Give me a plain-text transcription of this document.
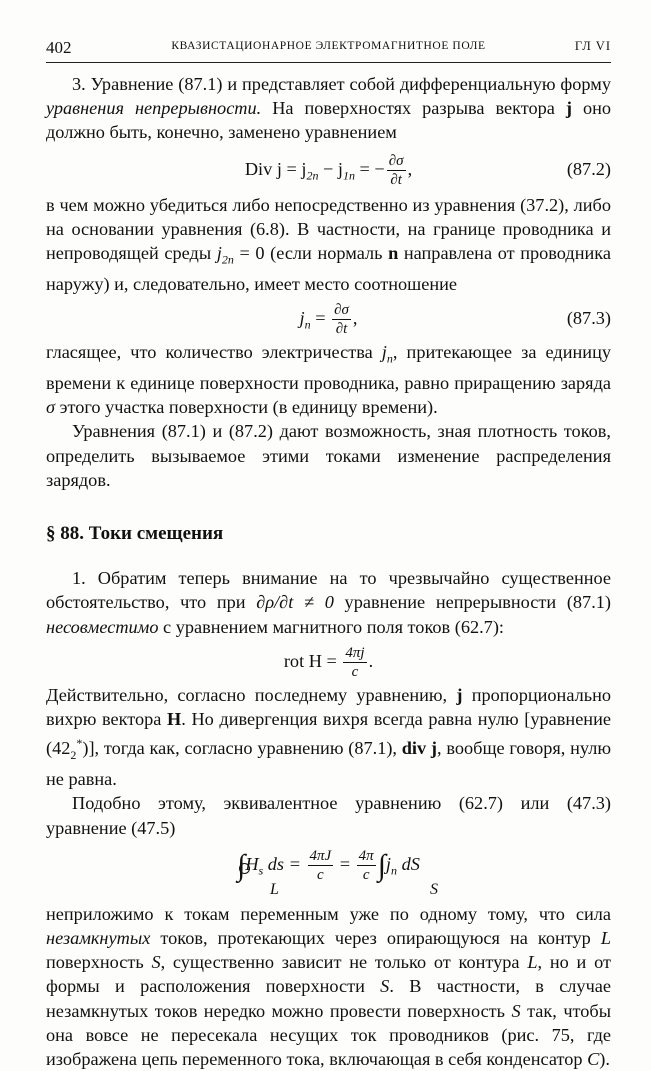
402	КВАЗИСТАЦИОНАРНОЕ ЭЛЕКТРОМАГНИТНОЕ ПОЛЕ	ГЛ VI

3. Уравнение (87.1) и представляет собой дифференциальную форму уравнения непрерывности. На поверхностях разрыва вектора j оно должно быть, конечно, заменено уравнением

Div $j = j_{2n} - j_{1n}$ = − $\frac{\partial\sigma}{\partial t}$ ,	(87.2)

в чем можно убедиться либо непосредственно из уравнения (37.2), либо на основании уравнения (6.8). В частности, на границе проводника и непроводящей среды $j_{2n} = 0$ (если нормаль n направлена от проводника наружу) и, следовательно, имеет место соотношение

$j_n = \frac{\partial\sigma}{\partial t}$ ,	(87.3)

гласящее, что количество электричества $j_n$, притекающее за единицу времени к единице поверхности проводника, равно приращению заряда σ этого участка поверхности (в единицу времени).

Уравнения (87.1) и (87.2) дают возможность, зная плотность токов, определить вызываемое этими токами изменение распределения зарядов.

§ 88. Токи смещения

1. Обратим теперь внимание на то чрезвычайно существенное обстоятельство, что при ∂ρ/∂t ≠ 0 уравнение непрерывности (87.1) несовместимо с уравнением магнитного поля токов (62.7):

rot $H = \frac{4\pi j}{c}$ .

Действительно, согласно последнему уравнению, j пропорционально вихрю вектора H. Но дивергенция вихря всегда равна нулю [уравнение $(42_2^*)$], тогда как, согласно уравнению (87.1), div j, вообще говоря, нулю не равна.

Подобно этому, эквивалентное уравнению (62.7) или (47.3) уравнение (47.5)

∫
$H_s$ ds = $\frac{4\pi J}{c} = \frac{4\pi}{c} \int j_n$ dS
L	S

неприложимо к токам переменным уже по одному тому, что сила незамкнутых токов, протекающих через опирающуюся на контур L поверхность S, существенно зависит не только от контура L, но и от формы и расположения поверхности S. В частности, в случае незамкнутых токов нередко можно провести поверхность S так, чтобы она вовсе не пересекала несущих ток проводников (рис. 75, где изображена цепь переменного тока, включающая в себя конденсатор C).
